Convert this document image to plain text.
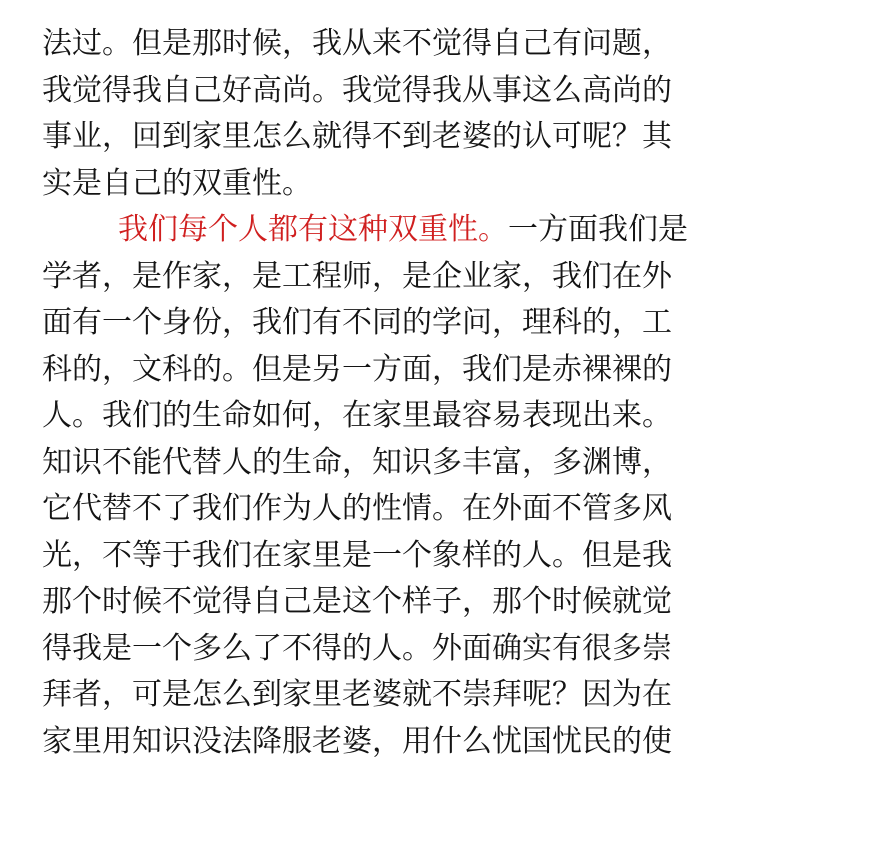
法过。但是那时候，我从来不觉得自己有问题，
我觉得我自己好高尚。我觉得我从事这么高尚的
事业，回到家里怎么就得不到老婆的认可呢？其
实是自己的双重性。
我们每个人都有这种双重性。一方面我们是
学者，是作家，是工程师，是企业家，我们在外
面有一个身份，我们有不同的学问，理科的，工
科的，文科的。但是另一方面，我们是赤裸裸的
人。我们的生命如何，在家里最容易表现出来。
知识不能代替人的生命，知识多丰富，多渊博，
它代替不了我们作为人的性情。在外面不管多风
光，不等于我们在家里是一个象样的人。但是我
那个时候不觉得自己是这个样子，那个时候就觉
得我是一个多么了不得的人。外面确实有很多崇
拜者，可是怎么到家里老婆就不崇拜呢？因为在
家里用知识没法降服老婆，用什么忧国忧民的使
